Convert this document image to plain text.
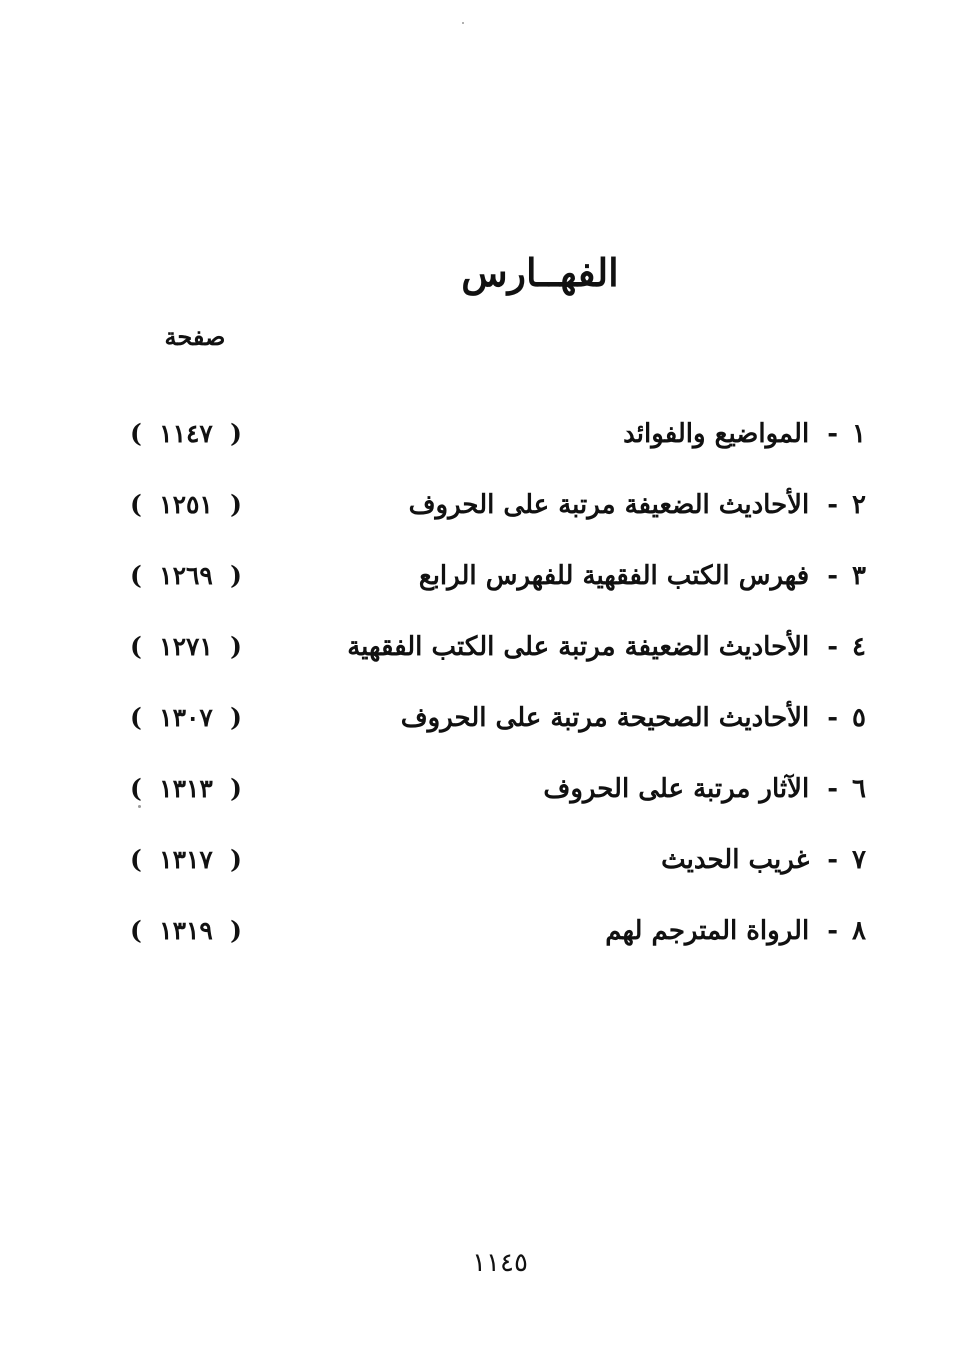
الفهــارس
صفحة
١
-
المواضيع والفوائد
( ١١٤٧ )
٢
-
الأحاديث الضعيفة مرتبة على الحروف
( ١٢٥١ )
٣
-
فهرس الكتب الفقهية للفهرس الرابع
( ١٢٦٩ )
٤
-
الأحاديث الضعيفة مرتبة على الكتب الفقهية
( ١٢٧١ )
٥
-
الأحاديث الصحيحة مرتبة على الحروف
( ١٣٠٧ )
٦
-
الآثار مرتبة على الحروف
( ١٣١٣ )
٧
-
غريب الحديث
( ١٣١٧ )
٨
-
الرواة المترجم لهم
( ١٣١٩ )
١١٤٥
